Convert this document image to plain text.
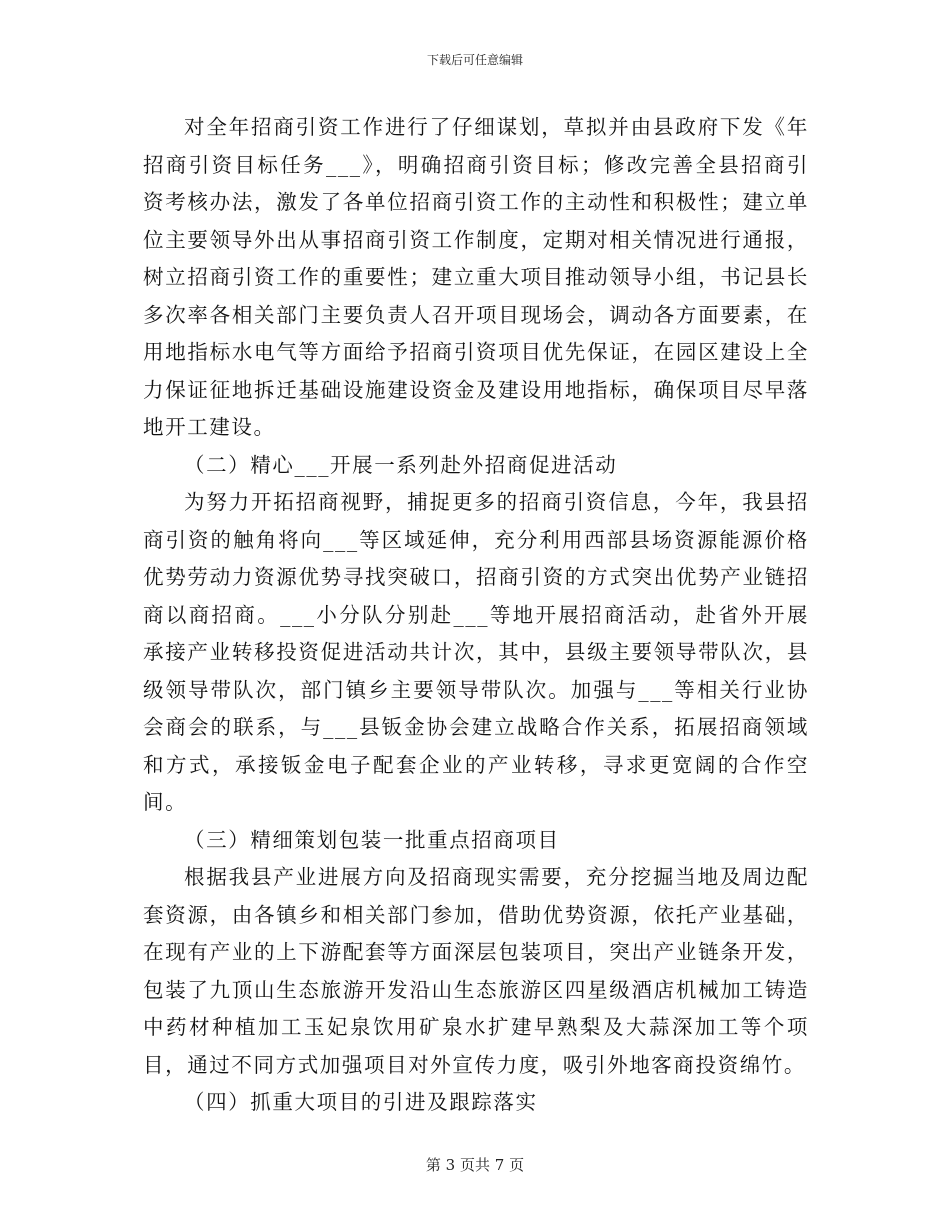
下载后可任意编辑

对全年招商引资工作进行了仔细谋划，草拟并由县政府下发《年招商引资目标任务___》，明确招商引资目标；修改完善全县招商引资考核办法，激发了各单位招商引资工作的主动性和积极性；建立单位主要领导外出从事招商引资工作制度，定期对相关情况进行通报，树立招商引资工作的重要性；建立重大项目推动领导小组，书记县长多次率各相关部门主要负责人召开项目现场会，调动各方面要素，在用地指标水电气等方面给予招商引资项目优先保证，在园区建设上全力保证征地拆迁基础设施建设资金及建设用地指标，确保项目尽早落地开工建设。

（二）精心___开展一系列赴外招商促进活动

为努力开拓招商视野，捕捉更多的招商引资信息，今年，我县招商引资的触角将向___等区域延伸，充分利用西部县场资源能源价格优势劳动力资源优势寻找突破口，招商引资的方式突出优势产业链招商以商招商。___小分队分别赴___等地开展招商活动，赴省外开展承接产业转移投资促进活动共计次，其中，县级主要领导带队次，县级领导带队次，部门镇乡主要领导带队次。加强与___等相关行业协会商会的联系，与___县钣金协会建立战略合作关系，拓展招商领域和方式，承接钣金电子配套企业的产业转移，寻求更宽阔的合作空间。

（三）精细策划包装一批重点招商项目

根据我县产业进展方向及招商现实需要，充分挖掘当地及周边配套资源，由各镇乡和相关部门参加，借助优势资源，依托产业基础，在现有产业的上下游配套等方面深层包装项目，突出产业链条开发，包装了九顶山生态旅游开发沿山生态旅游区四星级酒店机械加工铸造中药材种植加工玉妃泉饮用矿泉水扩建早熟梨及大蒜深加工等个项目，通过不同方式加强项目对外宣传力度，吸引外地客商投资绵竹。

（四）抓重大项目的引进及跟踪落实

第 3 页共 7 页
